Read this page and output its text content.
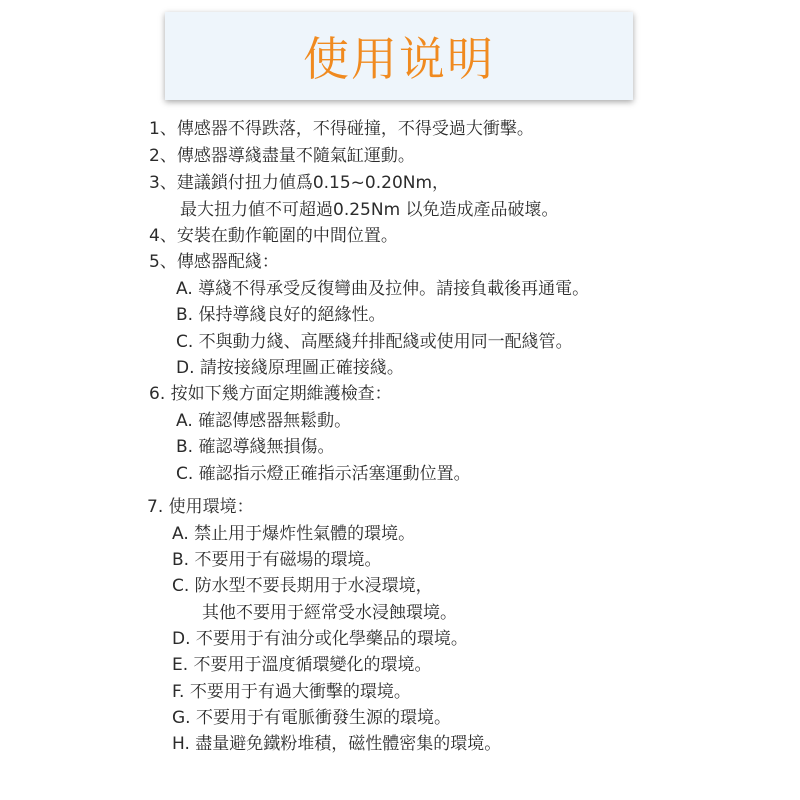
使用说明
1、傳感器不得跌落，不得碰撞，不得受過大衝擊。
2、傳感器導綫盡量不隨氣缸運動。
3、建議鎖付扭力値爲0.15~0.20Nm，
最大扭力値不可超過0.25Nm 以免造成產品破壞。
4、安裝在動作範圍的中間位置。
5、傳感器配綫：
A. 導綫不得承受反復彎曲及拉伸。請接負載後再通電。
B. 保持導綫良好的絕緣性。
C. 不與動力綫、高壓綫幷排配綫或使用同一配綫管。
D. 請按接綫原理圖正確接綫。
6. 按如下幾方面定期維護檢查：
A. 確認傳感器無鬆動。
B. 確認導綫無損傷。
C. 確認指示燈正確指示活塞運動位置。
7. 使用環境：
A. 禁止用于爆炸性氣體的環境。
B. 不要用于有磁場的環境。
C. 防水型不要長期用于水浸環境，
其他不要用于經常受水浸蝕環境。
D. 不要用于有油分或化學藥品的環境。
E. 不要用于溫度循環變化的環境。
F. 不要用于有過大衝擊的環境。
G. 不要用于有電脈衝發生源的環境。
H. 盡量避免鐵粉堆積，磁性體密集的環境。
